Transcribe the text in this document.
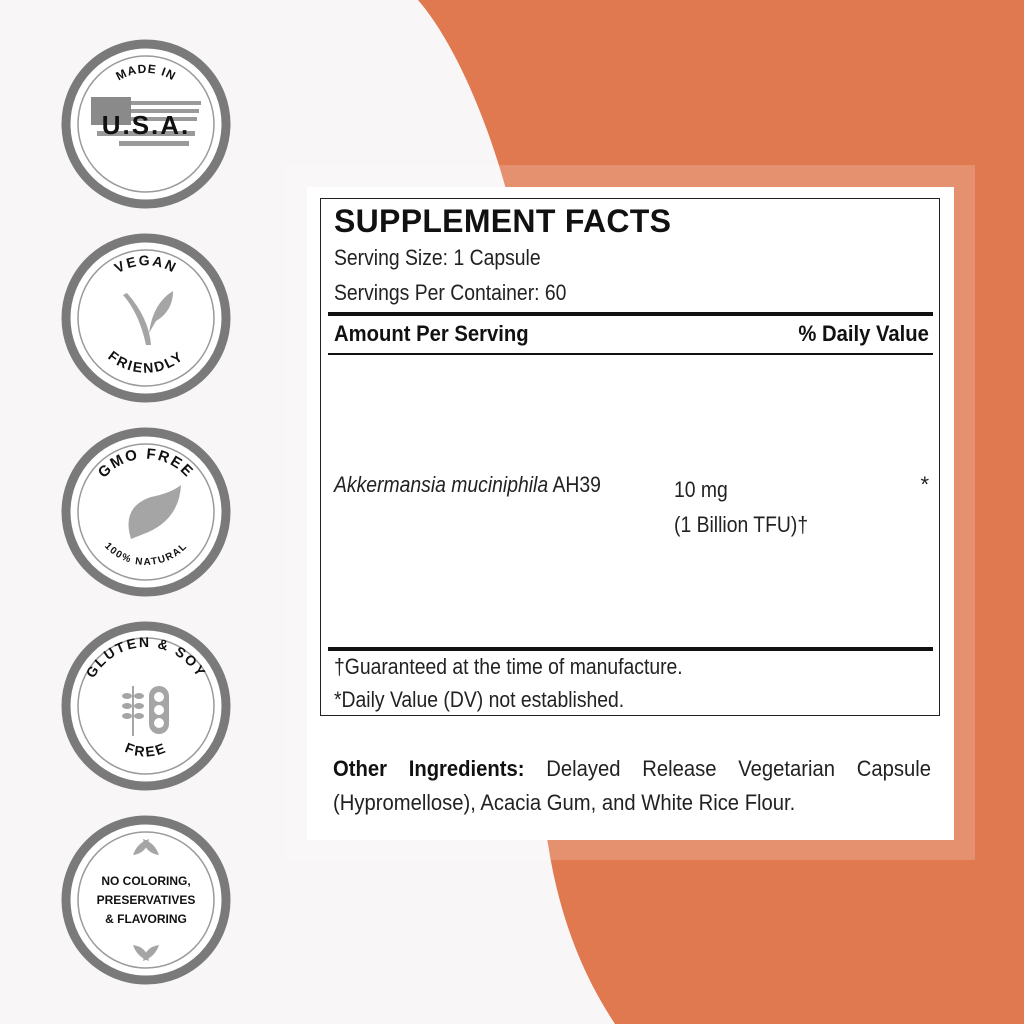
SUPPLEMENT FACTS
Serving Size: 1 Capsule
Servings Per Container: 60
Amount Per Serving	% Daily Value
Akkermansia muciniphila AH39	10 mg
(1 Billion TFU)†
*
†Guaranteed at the time of manufacture.
*Daily Value (DV) not established.
Other Ingredients: Delayed Release Vegetarian Capsule (Hypromellose), Acacia Gum, and White Rice Flour.
MADE IN
U.S.A.
VEGAN
FRIENDLY
GMO FREE
100% NATURAL
GLUTEN & SOY
FREE
NO COLORING,
PRESERVATIVES
& FLAVORING
